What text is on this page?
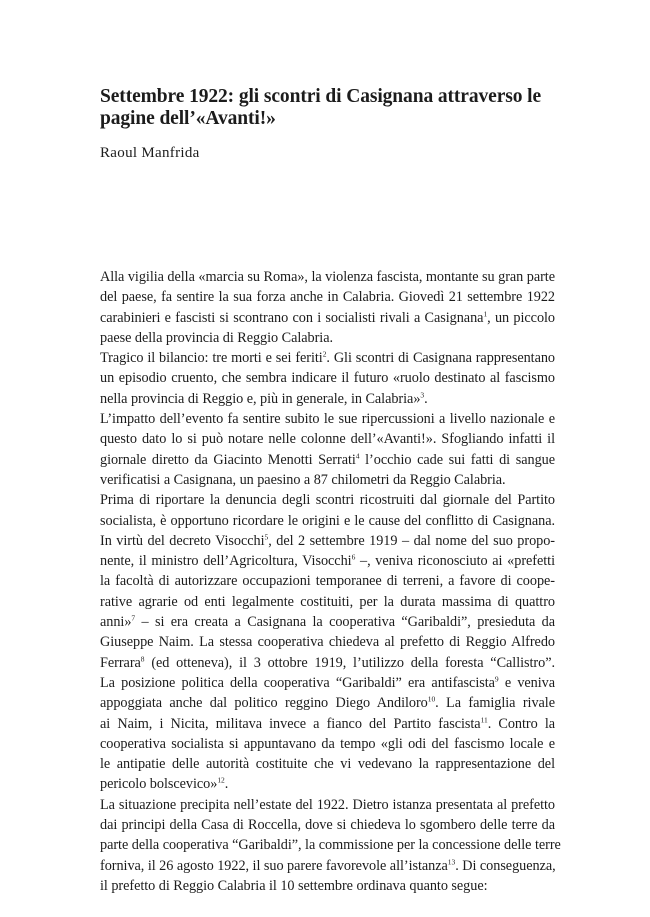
Settembre 1922: gli scontri di Casignana attraverso le pagine dell’«Avanti!»
Raoul Manfrida
Alla vigilia della «marcia su Roma», la violenza fascista, montante su gran parte
del paese, fa sentire la sua forza anche in Calabria. Giovedì 21 settembre 1922
carabinieri e fascisti si scontrano con i socialisti rivali a Casignana$^1$, un piccolo
paese della provincia di Reggio Calabria.
Tragico il bilancio: tre morti e sei feriti$^2$. Gli scontri di Casignana rappresentano
un episodio cruento, che sembra indicare il futuro «ruolo destinato al fascismo
nella provincia di Reggio e, più in generale, in Calabria»$^3$.
L’impatto dell’evento fa sentire subito le sue ripercussioni a livello nazionale e
questo dato lo si può notare nelle colonne dell’«Avanti!». Sfogliando infatti il
giornale diretto da Giacinto Menotti Serrati$^4$ l’occhio cade sui fatti di sangue
verificatisi a Casignana, un paesino a 87 chilometri da Reggio Calabria.
Prima di riportare la denuncia degli scontri ricostruiti dal giornale del Partito
socialista, è opportuno ricordare le origini e le cause del conflitto di Casignana.
In virtù del decreto Visocchi$^5$, del 2 settembre 1919 – dal nome del suo propo-
nente, il ministro dell’Agricoltura, Visocchi$^6$ –, veniva riconosciuto ai «prefetti
la facoltà di autorizzare occupazioni temporanee di terreni, a favore di coope-
rative agrarie od enti legalmente costituiti, per la durata massima di quattro
anni»$^7$ – si era creata a Casignana la cooperativa “Garibaldi”, presieduta da
Giuseppe Naim. La stessa cooperativa chiedeva al prefetto di Reggio Alfredo
Ferrara$^8$ (ed otteneva), il 3 ottobre 1919, l’utilizzo della foresta “Callistro”.
La posizione politica della cooperativa “Garibaldi” era antifascista$^9$ e veniva
appoggiata anche dal politico reggino Diego Andiloro$^{10}$. La famiglia rivale
ai Naim, i Nicita, militava invece a fianco del Partito fascista$^{11}$. Contro la
cooperativa socialista si appuntavano da tempo «gli odi del fascismo locale e
le antipatie delle autorità costituite che vi vedevano la rappresentazione del
pericolo bolscevico»$^{12}$.
La situazione precipita nell’estate del 1922. Dietro istanza presentata al prefetto
dai principi della Casa di Roccella, dove si chiedeva lo sgombero delle terre da
parte della cooperativa “Garibaldi”, la commissione per la concessione delle terre
forniva, il 26 agosto 1922, il suo parere favorevole all’istanza$^{13}$. Di conseguenza,
il prefetto di Reggio Calabria il 10 settembre ordinava quanto segue:
